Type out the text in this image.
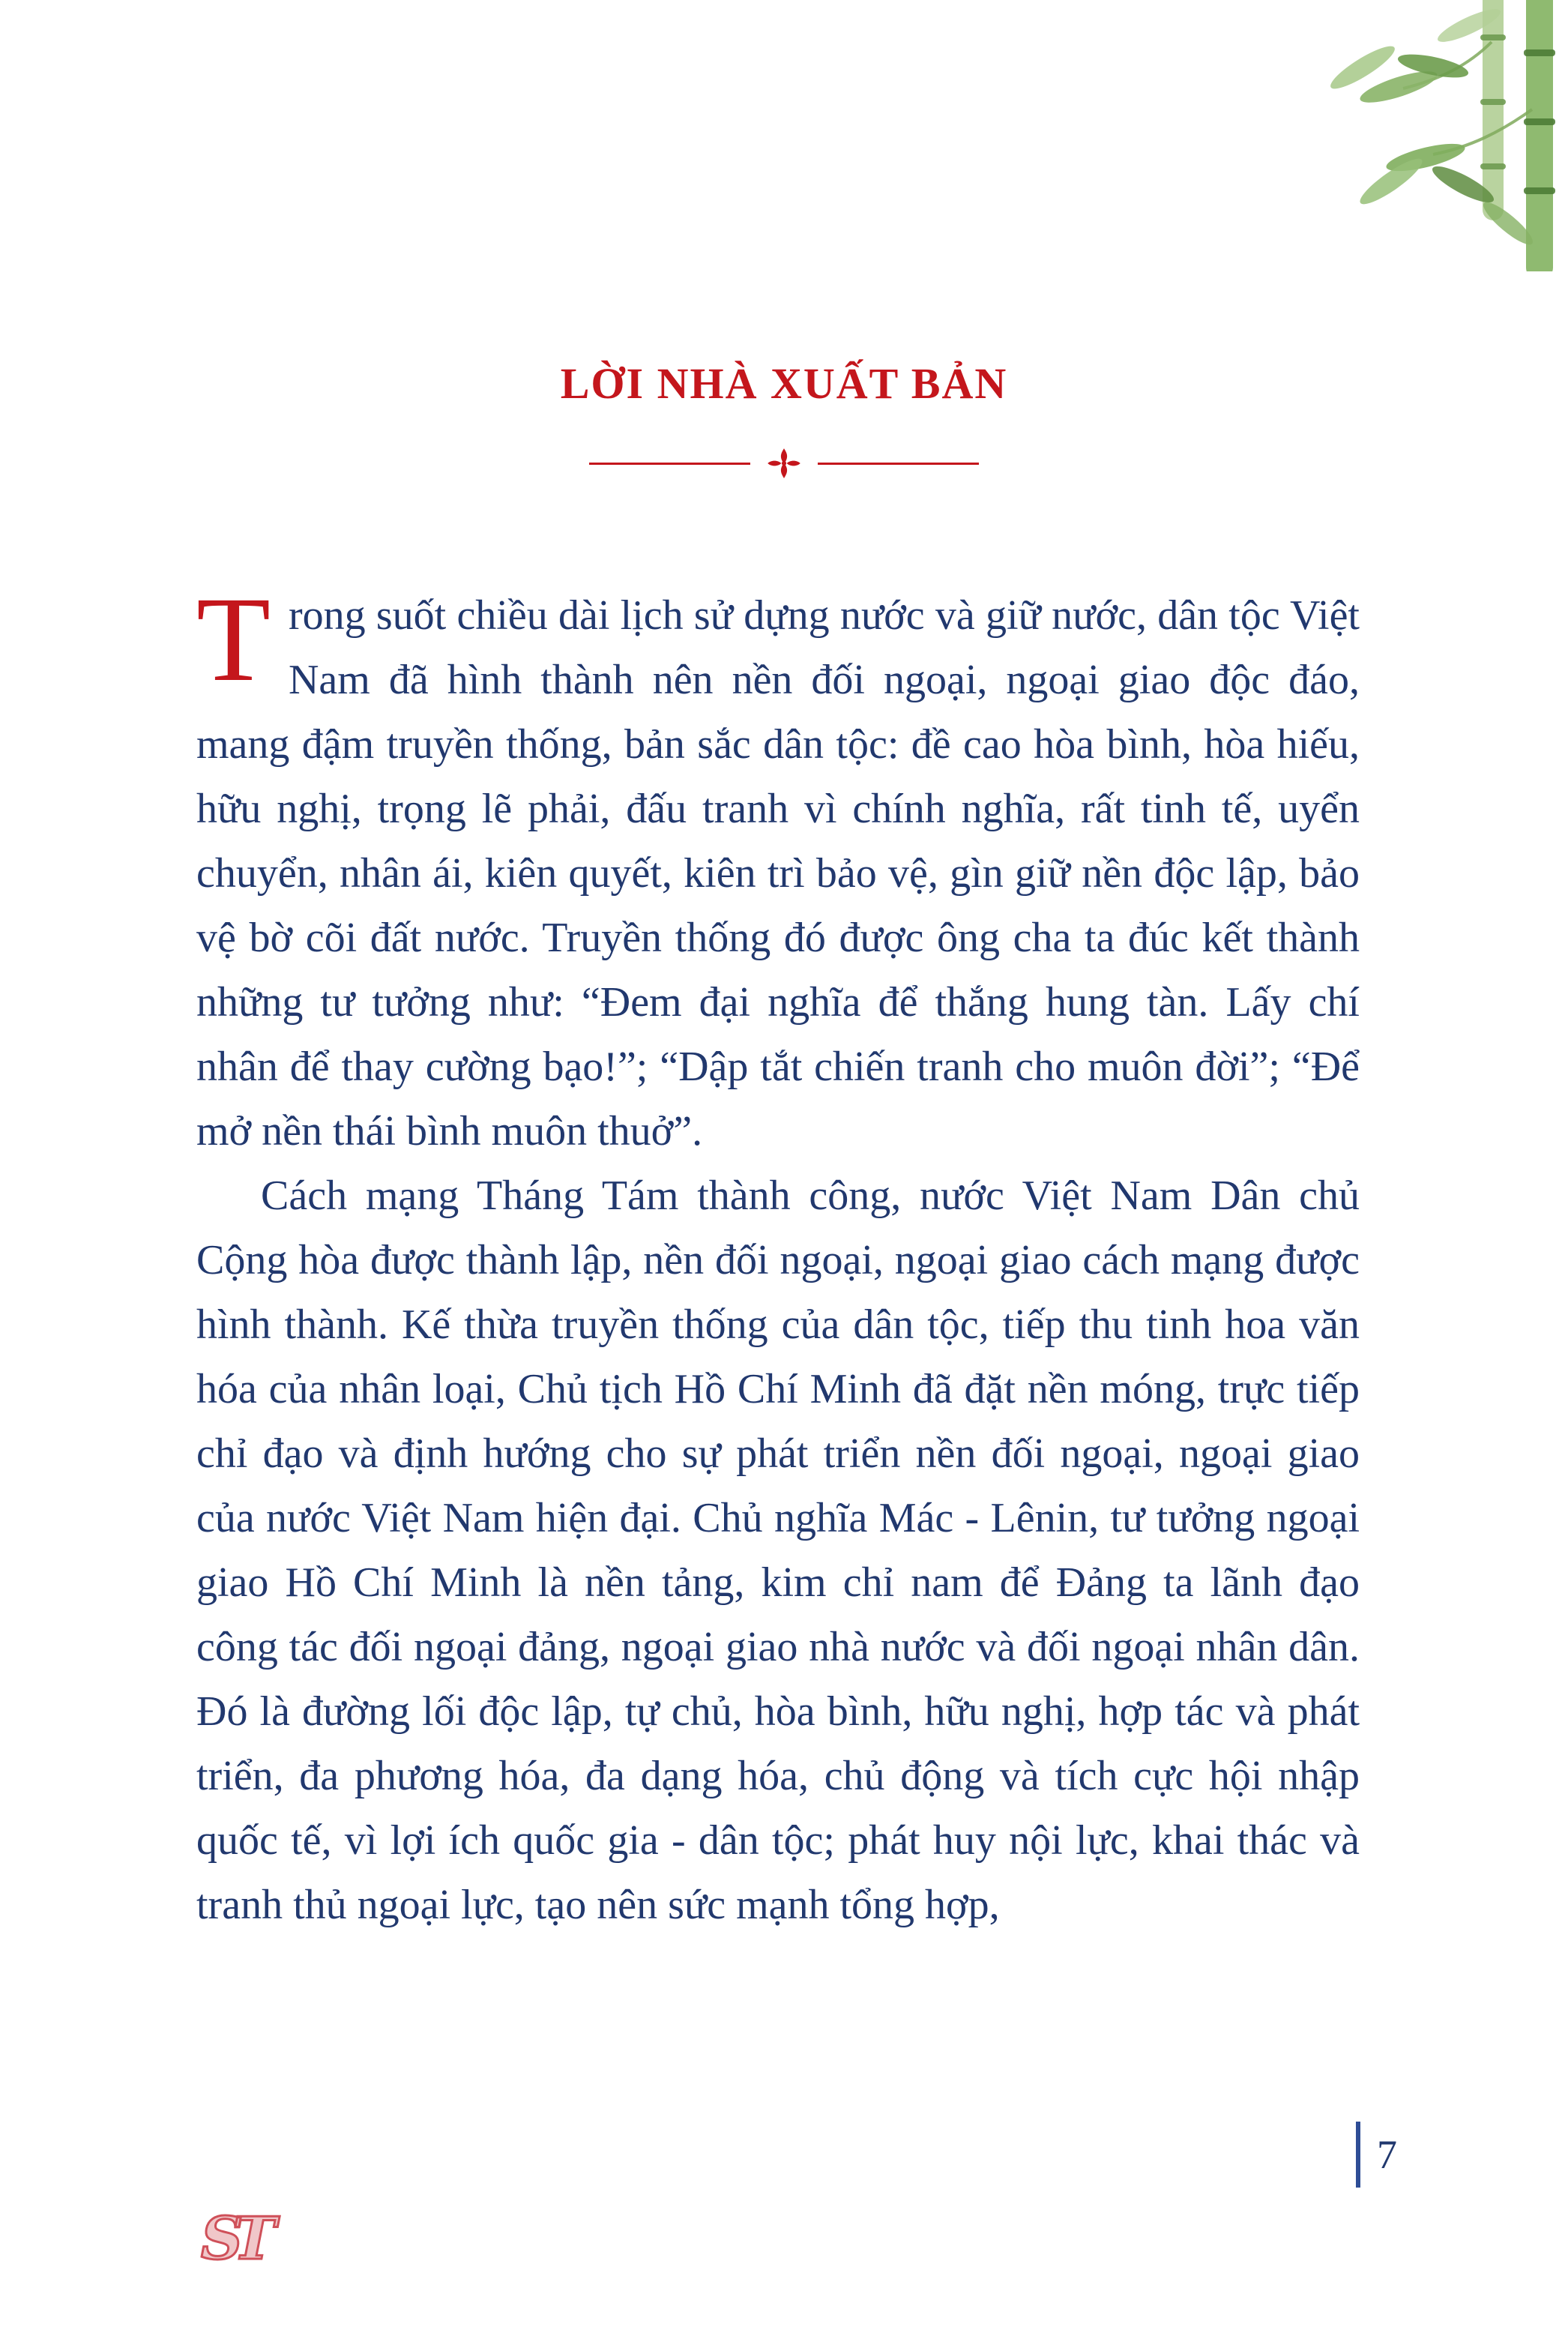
LỜI NHÀ XUẤT BẢN

Trong suốt chiều dài lịch sử dựng nước và giữ nước, dân tộc Việt Nam đã hình thành nên nền đối ngoại, ngoại giao độc đáo, mang đậm truyền thống, bản sắc dân tộc: đề cao hòa bình, hòa hiếu, hữu nghị, trọng lẽ phải, đấu tranh vì chính nghĩa, rất tinh tế, uyển chuyển, nhân ái, kiên quyết, kiên trì bảo vệ, gìn giữ nền độc lập, bảo vệ bờ cõi đất nước. Truyền thống đó được ông cha ta đúc kết thành những tư tưởng như: “Đem đại nghĩa để thắng hung tàn. Lấy chí nhân để thay cường bạo!”; “Dập tắt chiến tranh cho muôn đời”; “Để mở nền thái bình muôn thuở”.

Cách mạng Tháng Tám thành công, nước Việt Nam Dân chủ Cộng hòa được thành lập, nền đối ngoại, ngoại giao cách mạng được hình thành. Kế thừa truyền thống của dân tộc, tiếp thu tinh hoa văn hóa của nhân loại, Chủ tịch Hồ Chí Minh đã đặt nền móng, trực tiếp chỉ đạo và định hướng cho sự phát triển nền đối ngoại, ngoại giao của nước Việt Nam hiện đại. Chủ nghĩa Mác - Lênin, tư tưởng ngoại giao Hồ Chí Minh là nền tảng, kim chỉ nam để Đảng ta lãnh đạo công tác đối ngoại đảng, ngoại giao nhà nước và đối ngoại nhân dân. Đó là đường lối độc lập, tự chủ, hòa bình, hữu nghị, hợp tác và phát triển, đa phương hóa, đa dạng hóa, chủ động và tích cực hội nhập quốc tế, vì lợi ích quốc gia - dân tộc; phát huy nội lực, khai thác và tranh thủ ngoại lực, tạo nên sức mạnh tổng hợp,

7
ST
